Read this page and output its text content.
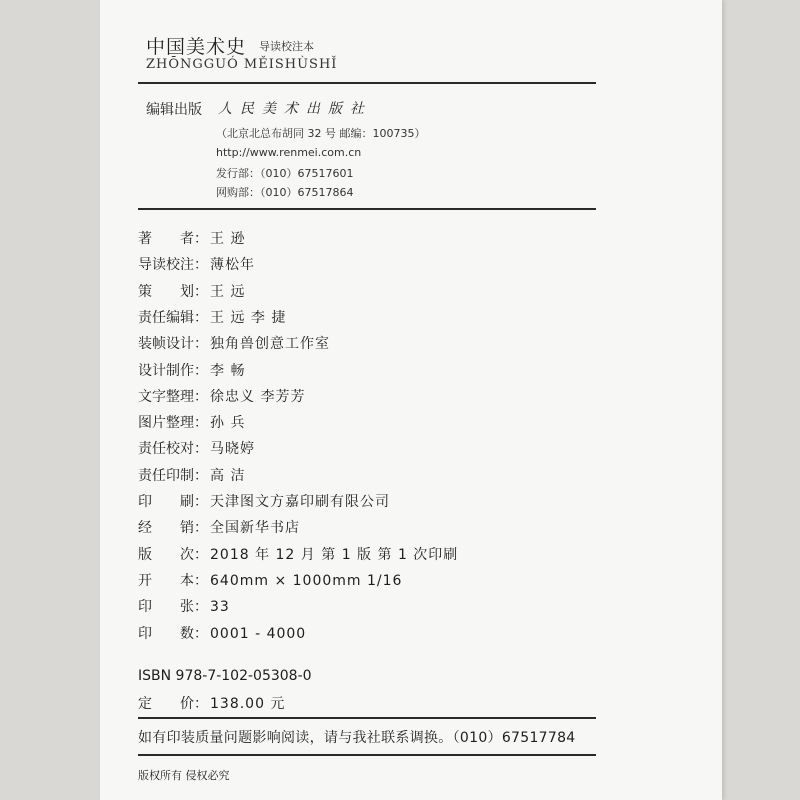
中国美术史 导读校注本
ZHŌNGGUÓ MĚISHÙSHǏ
编辑出版 人民美术出版社
（北京北总布胡同 32 号 邮编：100735）
http://www.renmei.com.cn
发行部：（010）67517601
网购部：（010）67517864
著　　者： 王 逊
导读校注： 薄松年
策　　划： 王 远
责任编辑： 王 远 李 捷
装帧设计： 独角兽创意工作室
设计制作： 李 畅
文字整理： 徐忠义 李芳芳
图片整理： 孙 兵
责任校对： 马晓婷
责任印制： 高 洁
印　　刷： 天津图文方嘉印刷有限公司
经　　销： 全国新华书店
版　　次： 2018 年 12 月 第 1 版 第 1 次印刷
开　　本： 640mm × 1000mm 1/16
印　　张： 33
印　　数： 0001 - 4000
ISBN 978-7-102-05308-0
定　　价： 138.00 元
如有印装质量问题影响阅读，请与我社联系调换。（010）67517784
版权所有 侵权必究
